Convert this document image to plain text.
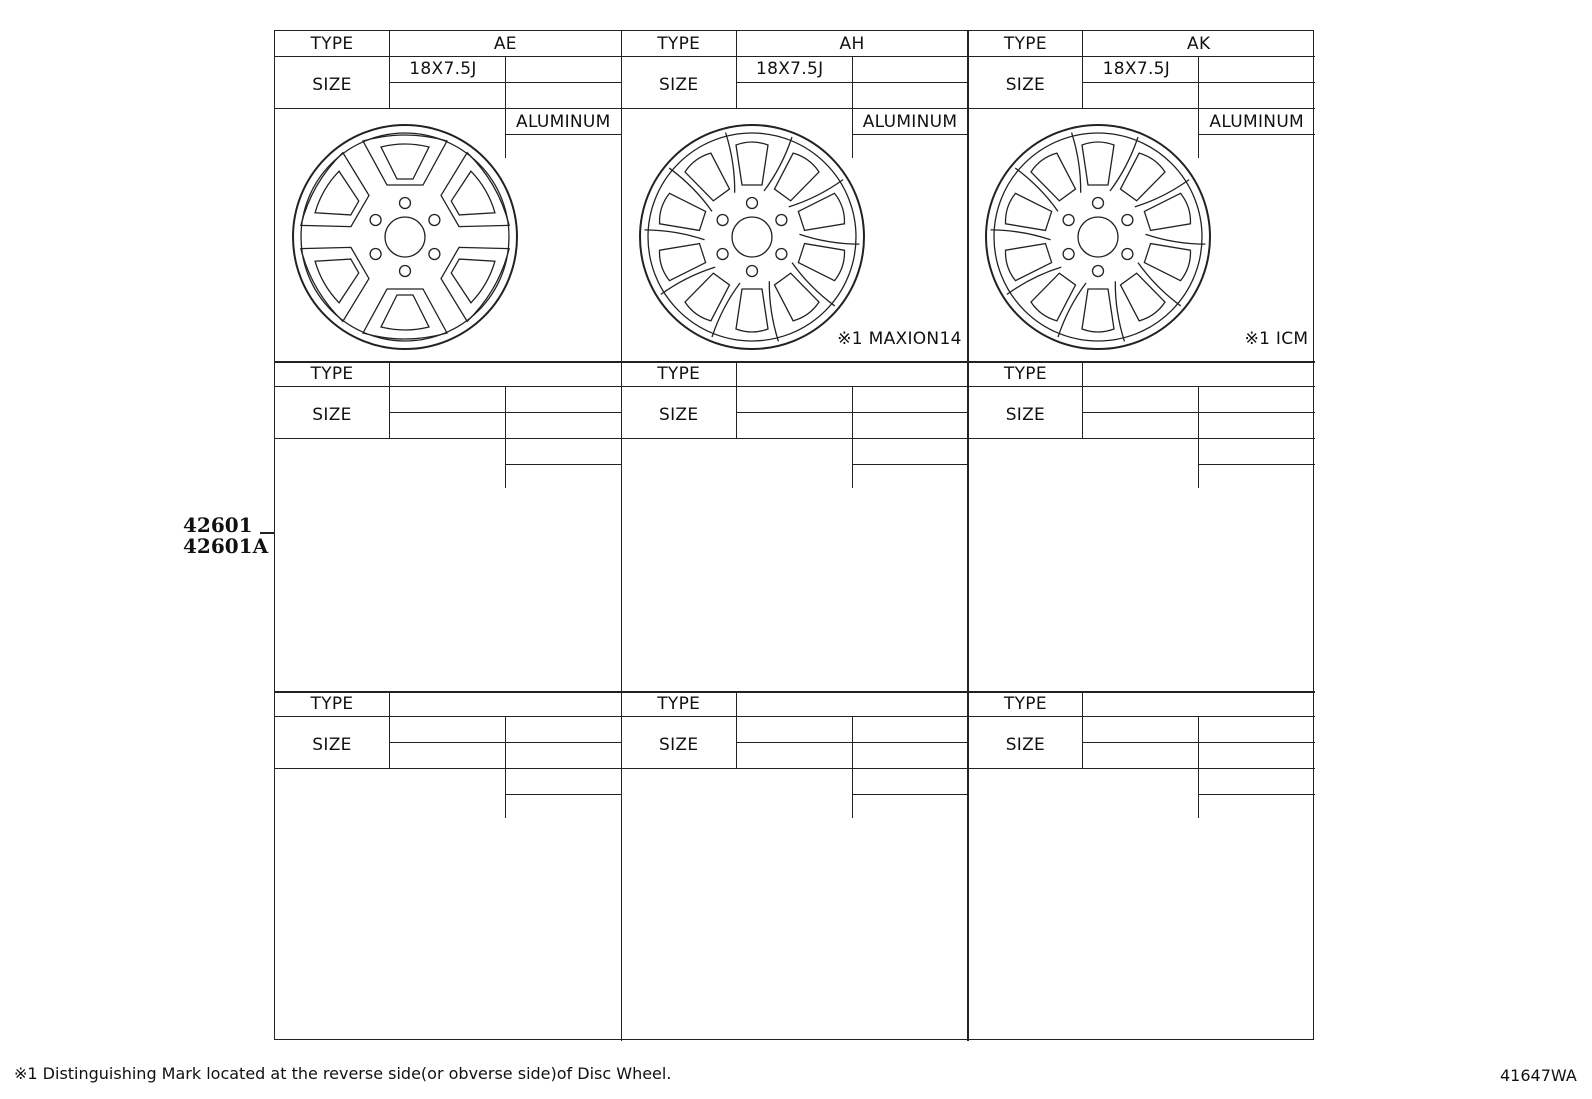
TYPE
SIZE
AE
18X7.5J
ALUMINUM
TYPE
SIZE
AH
18X7.5J
ALUMINUM
※1 MAXION14
TYPE
SIZE
AK
18X7.5J
ALUMINUM
※1 ICM
TYPE
SIZE
TYPE
SIZE
TYPE
SIZE
TYPE
SIZE
TYPE
SIZE
TYPE
SIZE
42601
42601A
※1 Distinguishing Mark located at the reverse side(or obverse side)of Disc Wheel.	41647WA
